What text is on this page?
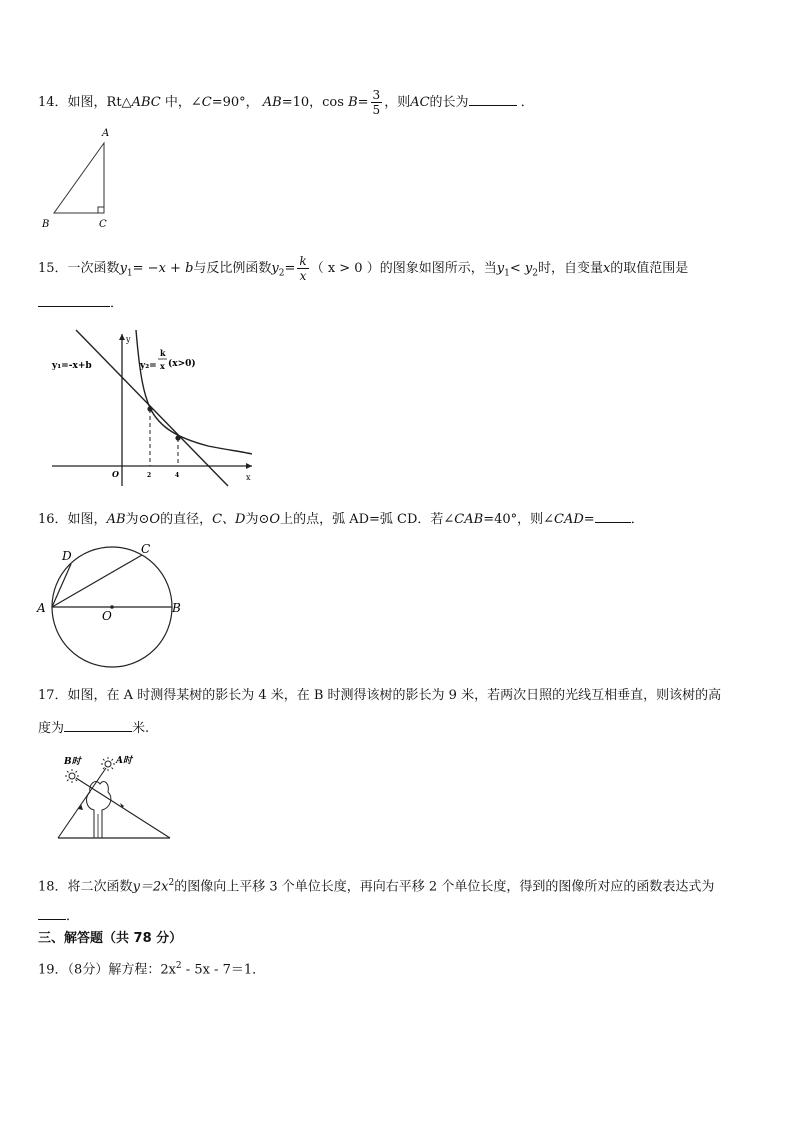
14．如图，Rt△ABC 中，∠C=90°， AB=10，$\cos B= \frac{3}{5}$ ，则AC的长为	．
A
B	C
15．一次函数$y_1= -x + b$与反比例函数$y_2= \frac{k}{x}$ （ x > 0 ）的图象如图所示，当$y_1< y_2$时，自变量x的取值范围是
．
x
y
O	2	4
y₁=-x+b	y₂=
k
x (x>0)
16．如图，AB为⊙O的直径，C、D为⊙O上的点，弧 AD=弧 CD．若∠CAB=40°，则∠CAD=	．
A	B
C
D
O
17．如图，在 A 时测得某树的影长为 4 米，在 B 时测得该树的影长为 9 米，若两次日照的光线互相垂直，则该树的高
度为	米.
B时	A时
18．将二次函数$y=2x^2$的图像向上平移 3 个单位长度，再向右平移 2 个单位长度，得到的图像所对应的函数表达式为
．
三、解答题（共 78 分）
19．（8分）解方程：$2x^2 - 5x - 7=1$．
